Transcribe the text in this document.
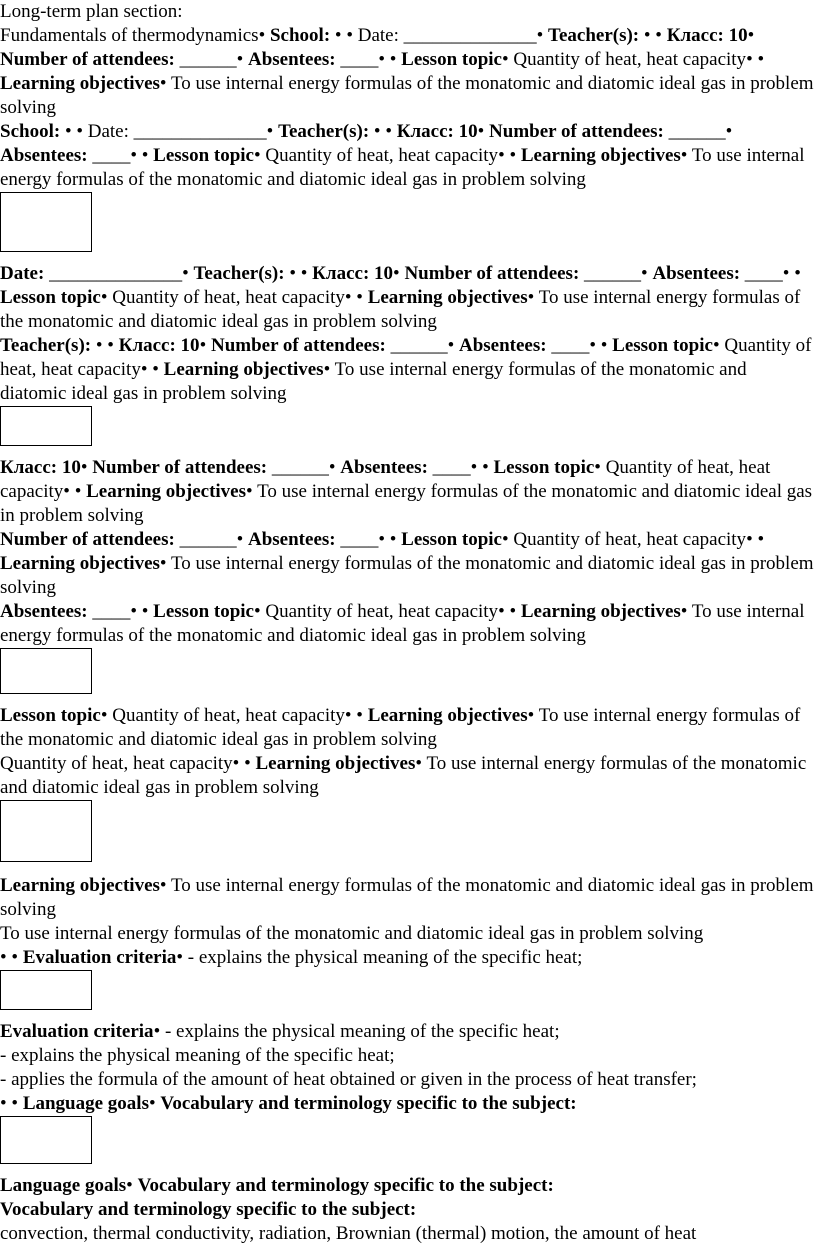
Long-term plan section:
Fundamentals of thermodynamics• School: • • Date: ______________• Teacher(s): • • Класс: 10• Number of attendees: ______• Absentees: ____• • Lesson topic• Quantity of heat, heat capacity• • Learning objectives• To use internal energy formulas of the monatomic and diatomic ideal gas in problem solving
School: • • Date: ______________• Teacher(s): • • Класс: 10• Number of attendees: ______• Absentees: ____• • Lesson topic• Quantity of heat, heat capacity• • Learning objectives• To use internal energy formulas of the monatomic and diatomic ideal gas in problem solving
Date: ______________• Teacher(s): • • Класс: 10• Number of attendees: ______• Absentees: ____• • Lesson topic• Quantity of heat, heat capacity• • Learning objectives• To use internal energy formulas of the monatomic and diatomic ideal gas in problem solving
Teacher(s): • • Класс: 10• Number of attendees: ______• Absentees: ____• • Lesson topic• Quantity of heat, heat capacity• • Learning objectives• To use internal energy formulas of the monatomic and diatomic ideal gas in problem solving
Класс: 10• Number of attendees: ______• Absentees: ____• • Lesson topic• Quantity of heat, heat capacity• • Learning objectives• To use internal energy formulas of the monatomic and diatomic ideal gas in problem solving
Number of attendees: ______• Absentees: ____• • Lesson topic• Quantity of heat, heat capacity• • Learning objectives• To use internal energy formulas of the monatomic and diatomic ideal gas in problem solving
Absentees: ____• • Lesson topic• Quantity of heat, heat capacity• • Learning objectives• To use internal energy formulas of the monatomic and diatomic ideal gas in problem solving
Lesson topic• Quantity of heat, heat capacity• • Learning objectives• To use internal energy formulas of the monatomic and diatomic ideal gas in problem solving
Quantity of heat, heat capacity• • Learning objectives• To use internal energy formulas of the monatomic and diatomic ideal gas in problem solving
Learning objectives• To use internal energy formulas of the monatomic and diatomic ideal gas in problem solving
To use internal energy formulas of the monatomic and diatomic ideal gas in problem solving
• • Evaluation criteria• - explains the physical meaning of the specific heat;
Evaluation criteria• - explains the physical meaning of the specific heat;
- explains the physical meaning of the specific heat;
- applies the formula of the amount of heat obtained or given in the process of heat transfer;
• • Language goals• Vocabulary and terminology specific to the subject:
Language goals• Vocabulary and terminology specific to the subject:
Vocabulary and terminology specific to the subject:
convection, thermal conductivity, radiation, Brownian (thermal) motion, the amount of heat
